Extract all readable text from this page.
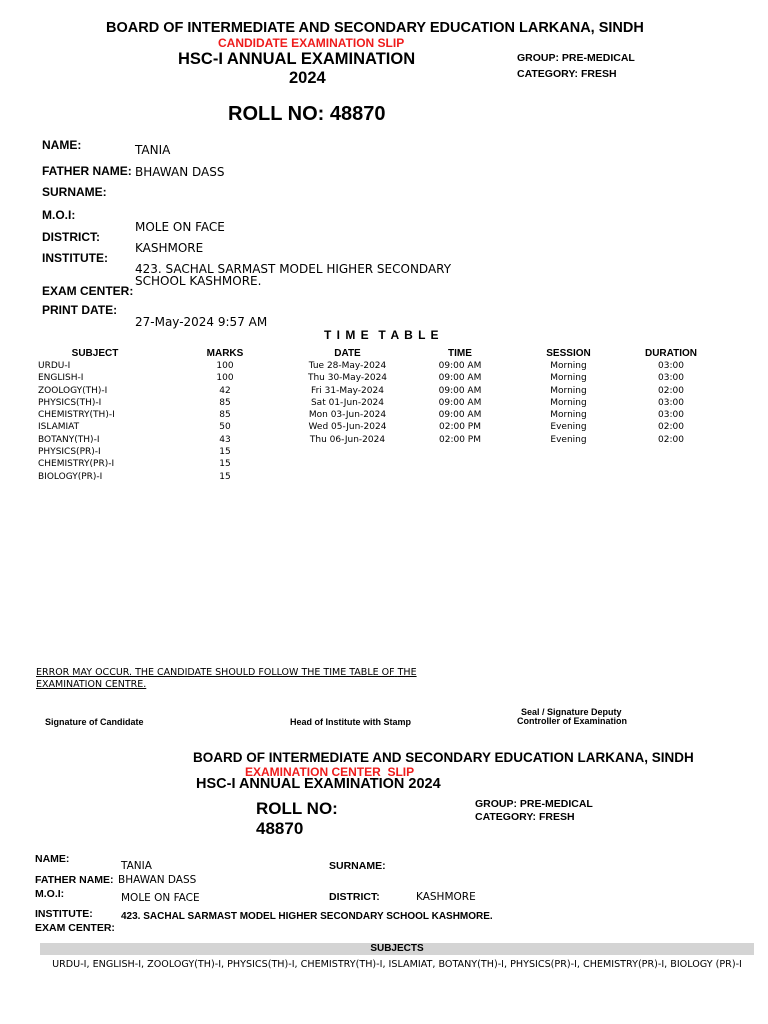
BOARD OF INTERMEDIATE AND SECONDARY EDUCATION LARKANA, SINDH
CANDIDATE EXAMINATION SLIP
HSC-I ANNUAL EXAMINATION
2024
GROUP: PRE-MEDICAL
CATEGORY: FRESH
ROLL NO: 48870
NAME:	TANIA
FATHER NAME: BHAWAN DASS
SURNAME:
M.O.I:
MOLE ON FACE
DISTRICT:
KASHMORE
INSTITUTE:
423. SACHAL SARMAST MODEL HIGHER SECONDARY
SCHOOL KASHMORE.
EXAM CENTER:
PRINT DATE:
27-May-2024 9:57 AM
T I M E  T A B L E
SUBJECT	MARKS	DATE	TIME	SESSION	DURATION
URDU-I	100	Tue 28-May-2024	09:00 AM	Morning	03:00
ENGLISH-I	100	Thu 30-May-2024	09:00 AM	Morning	03:00
ZOOLOGY(TH)-I	42	Fri 31-May-2024	09:00 AM	Morning	02:00
PHYSICS(TH)-I	85	Sat 01-Jun-2024	09:00 AM	Morning	03:00
CHEMISTRY(TH)-I	85	Mon 03-Jun-2024	09:00 AM	Morning	03:00
ISLAMIAT	50	Wed 05-Jun-2024	02:00 PM	Evening	02:00
BOTANY(TH)-I	43	Thu 06-Jun-2024	02:00 PM	Evening	02:00
PHYSICS(PR)-I	15				
CHEMISTRY(PR)-I	15				
BIOLOGY(PR)-I	15				
ERROR MAY OCCUR. THE CANDIDATE SHOULD FOLLOW THE TIME TABLE OF THE
EXAMINATION CENTRE.
Signature of Candidate	Head of Institute with Stamp
Seal / Signature Deputy
Controller of Examination
BOARD OF INTERMEDIATE AND SECONDARY EDUCATION LARKANA, SINDH
EXAMINATION CENTER  SLIP
HSC-I ANNUAL EXAMINATION 2024
ROLL NO:
48870
GROUP: PRE-MEDICAL
CATEGORY: FRESH
NAME:
TANIA	SURNAME:
FATHER NAME: BHAWAN DASS
M.O.I:	MOLE ON FACE	DISTRICT:	KASHMORE
INSTITUTE:	423. SACHAL SARMAST MODEL HIGHER SECONDARY SCHOOL KASHMORE.
EXAM CENTER:
SUBJECTS
URDU-I, ENGLISH-I, ZOOLOGY(TH)-I, PHYSICS(TH)-I, CHEMISTRY(TH)-I, ISLAMIAT, BOTANY(TH)-I, PHYSICS(PR)-I, CHEMISTRY(PR)-I, BIOLOGY (PR)-I
